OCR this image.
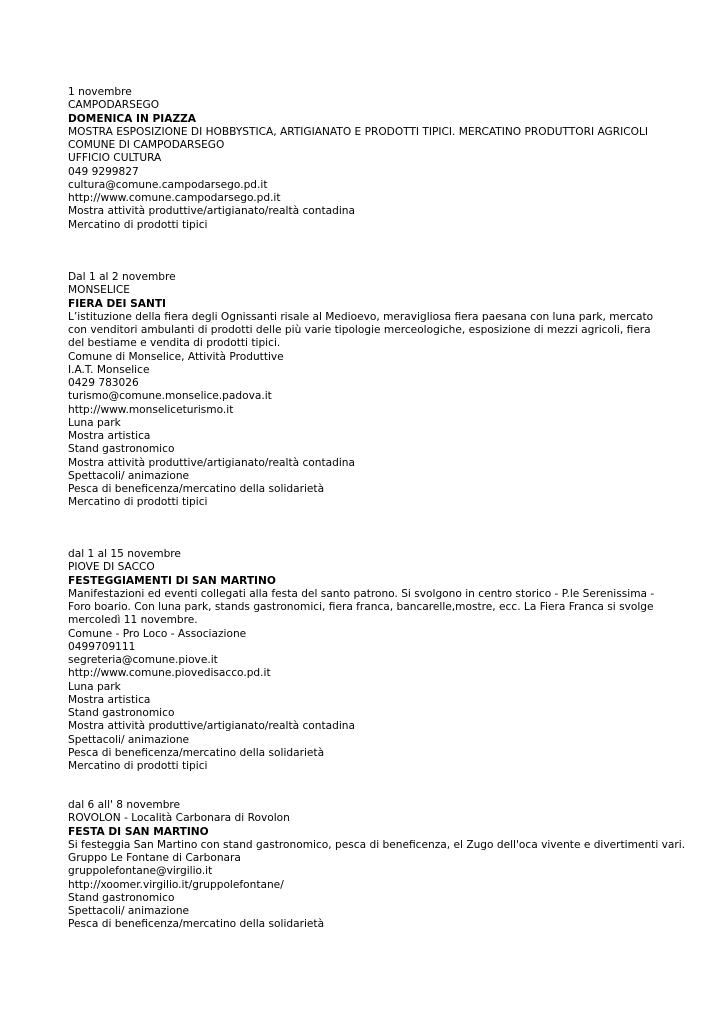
1 novembre
CAMPODARSEGO
DOMENICA IN PIAZZA
MOSTRA ESPOSIZIONE DI HOBBYSTICA, ARTIGIANATO E PRODOTTI TIPICI. MERCATINO PRODUTTORI AGRICOLI
COMUNE DI CAMPODARSEGO
UFFICIO CULTURA
049 9299827
cultura@comune.campodarsego.pd.it
http://www.comune.campodarsego.pd.it
Mostra attività produttive/artigianato/realtà contadina
Mercatino di prodotti tipici
Dal 1 al 2 novembre
MONSELICE
FIERA DEI SANTI
L’istituzione della fiera degli Ognissanti risale al Medioevo, meravigliosa fiera paesana con luna park, mercato con venditori ambulanti di prodotti delle più varie tipologie merceologiche, esposizione di mezzi agricoli, fiera del bestiame e vendita di prodotti tipici.
Comune di Monselice, Attività Produttive
I.A.T. Monselice
0429 783026
turismo@comune.monselice.padova.it
http://www.monseliceturismo.it
Luna park
Mostra artistica
Stand gastronomico
Mostra attività produttive/artigianato/realtà contadina
Spettacoli/ animazione
Pesca di beneficenza/mercatino della solidarietà
Mercatino di prodotti tipici
dal 1 al 15 novembre
PIOVE DI SACCO
FESTEGGIAMENTI DI SAN MARTINO
Manifestazioni ed eventi collegati alla festa del santo patrono. Si svolgono in centro storico - P.le Serenissima - Foro boario. Con luna park, stands gastronomici, fiera franca, bancarelle,mostre, ecc. La Fiera Franca si svolge mercoledì 11 novembre.
Comune - Pro Loco - Associazione
0499709111
segreteria@comune.piove.it
http://www.comune.piovedisacco.pd.it
Luna park
Mostra artistica
Stand gastronomico
Mostra attività produttive/artigianato/realtà contadina
Spettacoli/ animazione
Pesca di beneficenza/mercatino della solidarietà
Mercatino di prodotti tipici
dal 6 all' 8 novembre
ROVOLON - Località Carbonara di Rovolon
FESTA DI SAN MARTINO
Si festeggia San Martino con stand gastronomico, pesca di beneficenza, el Zugo dell'oca vivente e divertimenti vari.
Gruppo Le Fontane di Carbonara
gruppolefontane@virgilio.it
http://xoomer.virgilio.it/gruppolefontane/
Stand gastronomico
Spettacoli/ animazione
Pesca di beneficenza/mercatino della solidarietà
